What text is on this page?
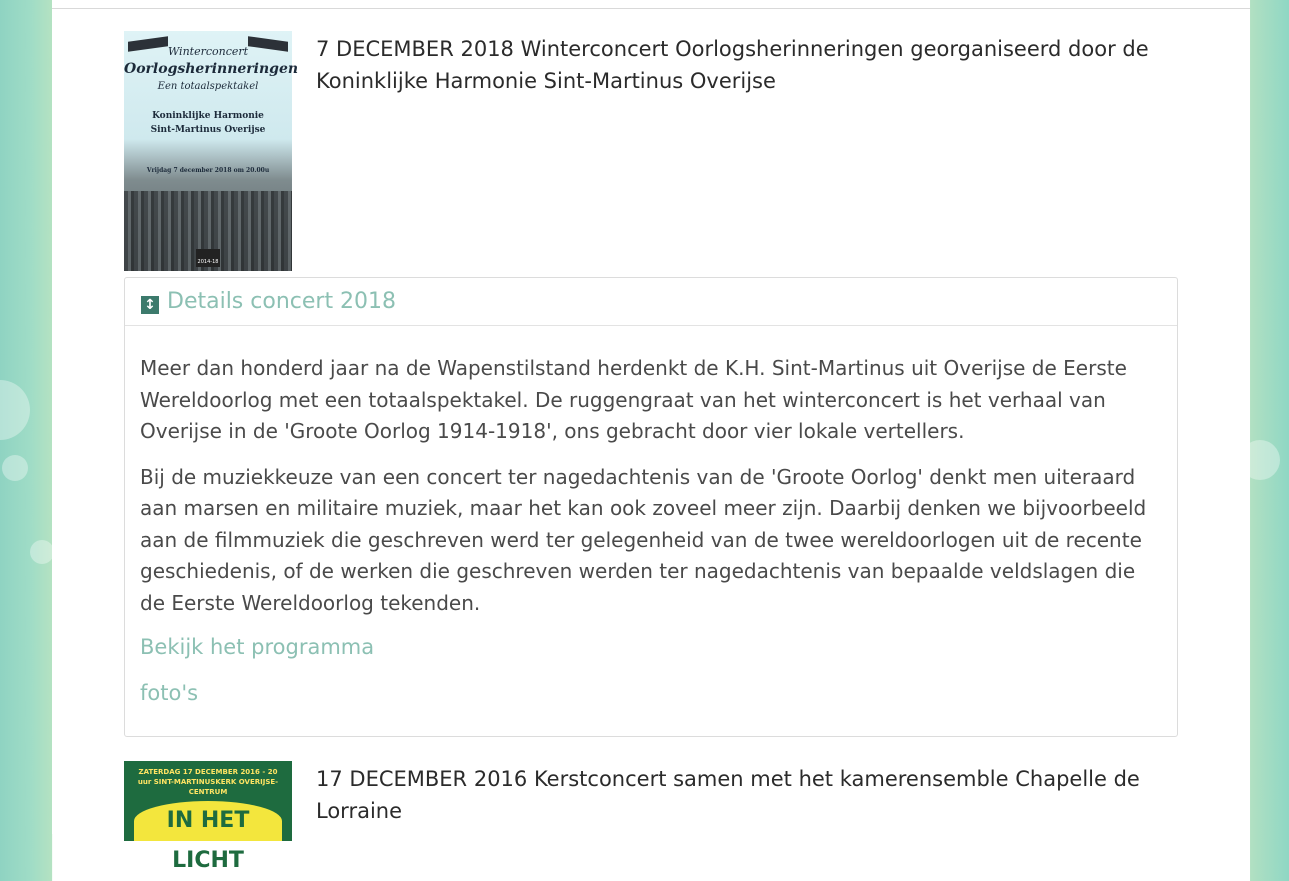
Winterconcert
Oorlogsherinneringen
Een totaalspektakel
Koninklijke Harmonie
Sint-Martinus Overijse
Vrijdag 7 december 2018 om 20.00u
2014-18
7 DECEMBER 2018 Winterconcert Oorlogsherinneringen georganiseerd door de Koninklijke Harmonie Sint-Martinus Overijse
↕ Details concert 2018

Meer dan honderd jaar na de Wapenstilstand herdenkt de K.H. Sint-Martinus uit Overijse de Eerste Wereldoorlog met een totaalspektakel. De ruggengraat van het winterconcert is het verhaal van Overijse in de 'Groote Oorlog 1914-1918', ons gebracht door vier lokale vertellers.

Bij de muziekkeuze van een concert ter nagedachtenis van de 'Groote Oorlog' denkt men uiteraard aan marsen en militaire muziek, maar het kan ook zoveel meer zijn. Daarbij denken we bijvoorbeeld aan de filmmuziek die geschreven werd ter gelegenheid van de twee wereldoorlogen uit de recente geschiedenis, of de werken die geschreven werden ter nagedachtenis van bepaalde veldslagen die de Eerste Wereldoorlog tekenden.

Bekijk het programma
foto's
ZATERDAG 17 DECEMBER 2016 - 20 uur SINT-MARTINUSKERK OVERIJSE-CENTRUM
IN HET LICHT
17 DECEMBER 2016 Kerstconcert samen met het kamerensemble Chapelle de Lorraine
